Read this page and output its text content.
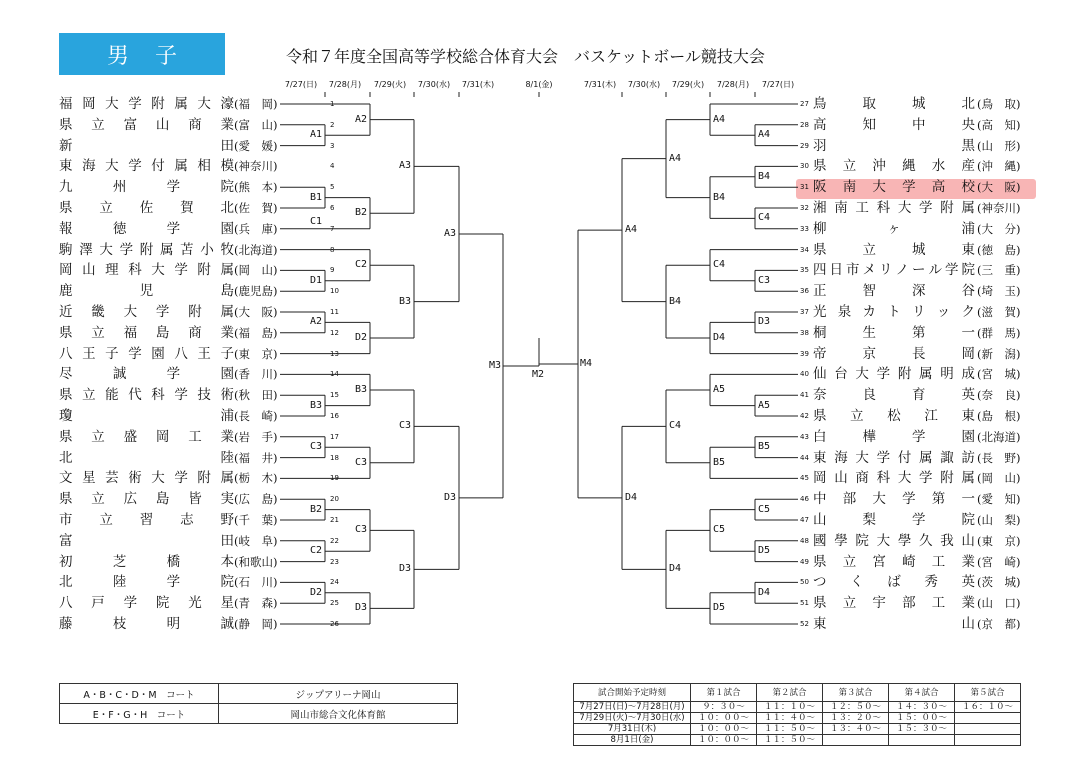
男子	令和７年度全国高等学校総合体育大会　バスケットボール競技大会
7/27(日) 7/28(月) 7/29(火) 7/30(水) 7/31(木)	8/1(金)	7/31(木) 7/30(水) 7/29(火) 7/28(月) 7/27(日)
福 岡 大 学 附 属 大 濠 (福　岡)	1
県 立 富 山 商 業 (富　山)	2
新	田 (愛　媛)	3
東 海 大 学 付 属 相 模 (神奈川)	4
九	州	学	院 (熊　本)	5
県 立 佐 賀 北 (佐　賀)	6
報	徳	学	園 (兵　庫)	7
駒 澤 大 学 附 属 苫 小 牧 (北海道)	8
岡 山 理 科 大 学 附 属 (岡　山)	9
鹿	児	島 (鹿児島)	10
近 畿 大 学 附 属 (大　阪)	11
県 立 福 島 商 業 (福　島)	12
八 王 子 学 園 八 王 子 (東　京)	13
尽	誠	学	園 (香　川)	14
県 立 能 代 科 学 技 術 (秋　田)	15
瓊	浦 (長　崎)	16
県 立 盛 岡 工 業 (岩　手)	17
北	陸 (福　井)	18
文 星 芸 術 大 学 附 属 (栃　木)	19
県 立 広 島 皆 実 (広　島)	20
市 立 習 志 野 (千　葉)	21
富	田 (岐　阜)	22
初	芝	橋	本 (和歌山)	23
北	陸	学	院 (石　川)	24
八 戸 学 院 光 星 (青　森)	25
藤	枝	明	誠 (静　岡)	26
鳥	取	城	北 (鳥　取)
27
高	知	中	央 (高　知)
28
羽	黒 (山　形)
29
県 立 沖 縄 水 産 (沖　縄)
30
阪 南 大 学 高 校 (大　阪)
31
湘 南 工 科 大 学 附 属 (神奈川)
32
柳	ヶ	浦 (大　分)
33
県	立	城	東 (徳　島)
34
四 日 市 メ リ ノ ー ル 学 院 (三　重)
35
正	智	深	谷 (埼　玉)
36
光 泉 カ ト リ ッ ク (滋　賀)
37
桐	生	第	一 (群　馬)
38
帝	京	長	岡 (新　潟)
39
仙 台 大 学 附 属 明 成 (宮　城)
40
奈	良	育	英 (奈　良)
41
県 立 松 江 東 (島　根)
42
白	樺	学	園 (北海道)
43
東 海 大 学 付 属 諏 訪 (長　野)
44
岡 山 商 科 大 学 附 属 (岡　山)
45
中 部 大 学 第 一 (愛　知)
46
山	梨	学	院 (山　梨)
47
國 學 院 大 學 久 我 山 (東　京)
48
県 立 宮 崎 工 業 (宮　崎)
49
つ く ば 秀 英 (茨　城)
50
県 立 宇 部 工 業 (山　口)
51
東	山 (京　都)
52
A1
B1
A2
B2
C1
A3
D1
C2
A2
D2
B3
A3
B3
B3
C3
C3
C3
B2
C2
C3
D2
D3
D3
D3
M3
A4
A4
B4
C4
B4
A4
C3
C4
D3
D4
B4
A4
A5
A5
B5
B5
C4
C5
D5
C5
D4
D5
D4
D4
M4
M2
A・B・C・D・M　コート	ジップアリーナ岡山
E・F・G・H　コート	岡山市総合文化体育館
試合開始予定時刻	第１試合	第２試合	第３試合	第４試合	第５試合
7月27日(日)〜7月28日(月)	９：３０〜	１１：１０〜	１２：５０〜	１４：３０〜	１６：１０〜
7月29日(火)〜7月30日(水)	１０：００〜	１１：４０〜	１３：２０〜	１５：００〜	
7月31日(木)	１０：００〜	１１：５０〜	１３：４０〜	１５：３０〜	
8月1日(金)	１０：００〜	１１：５０〜			
